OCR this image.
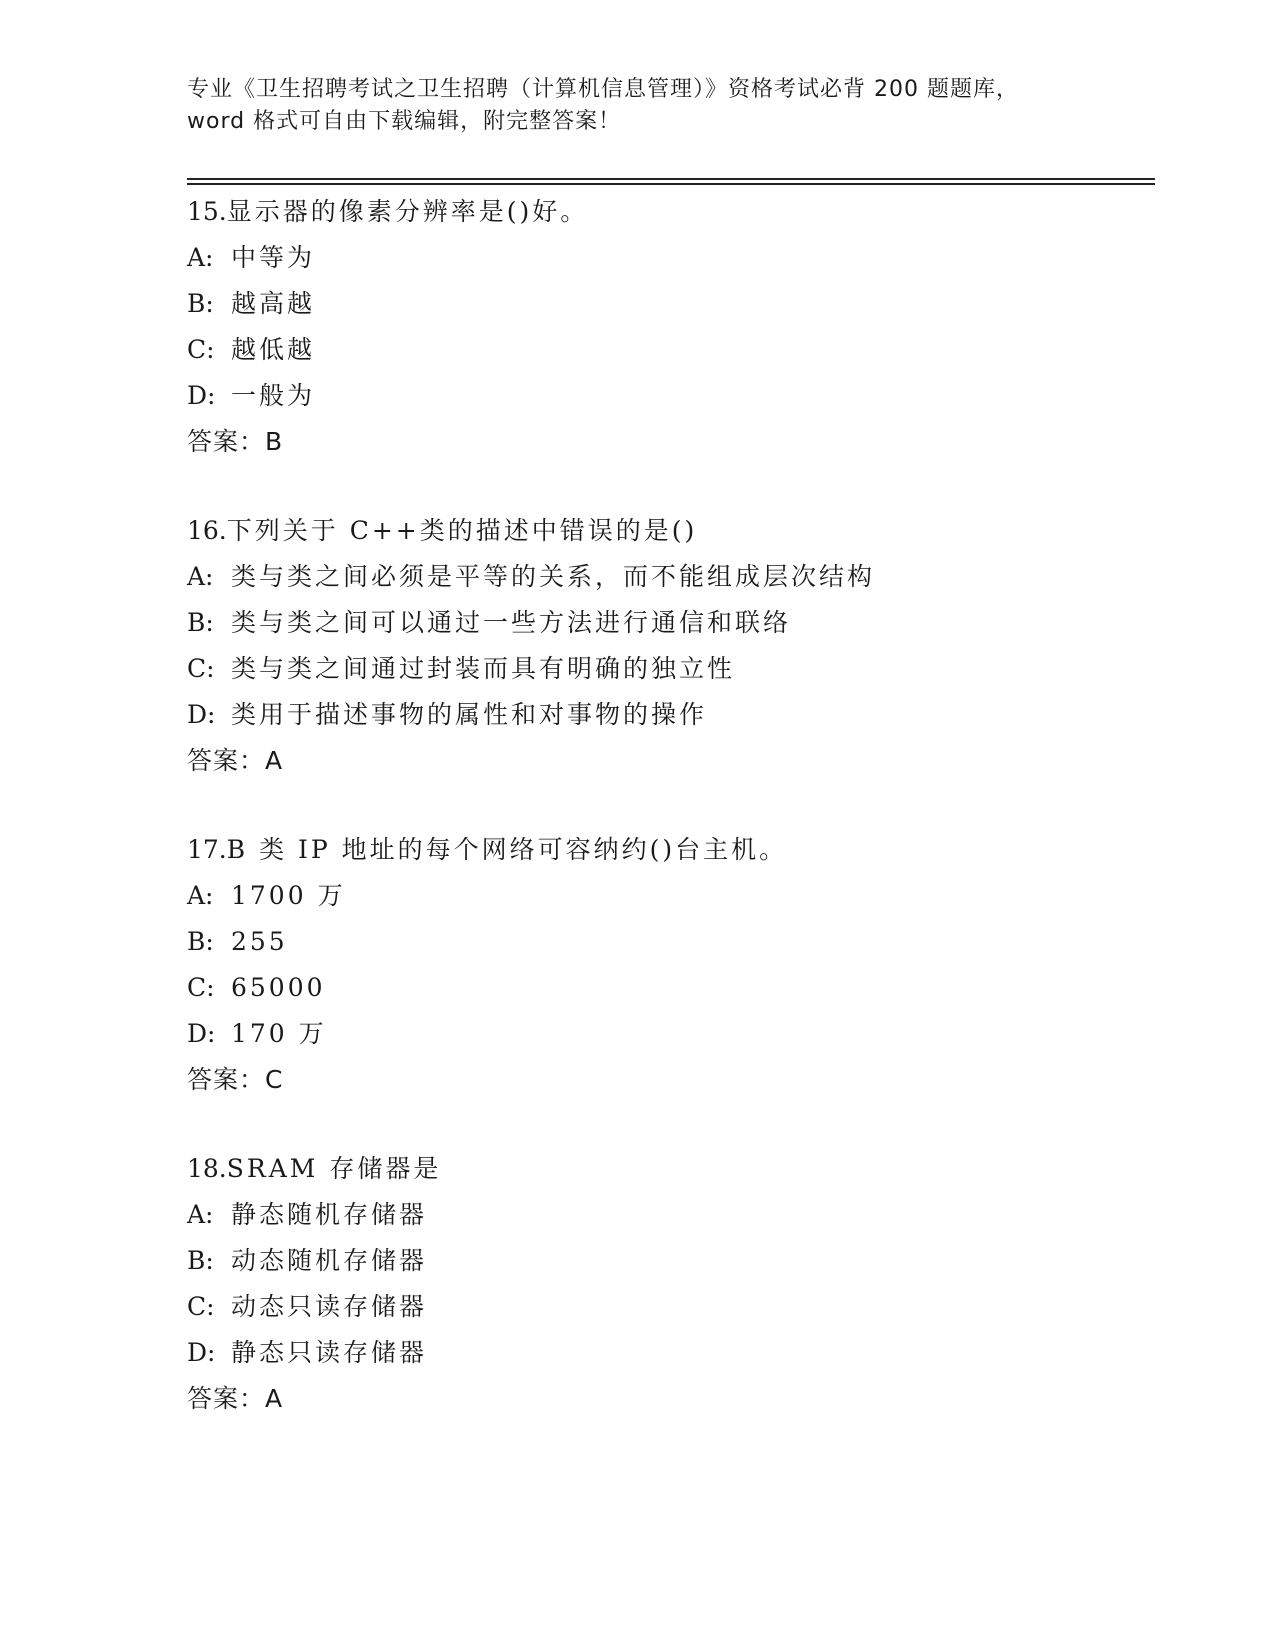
专业《卫生招聘考试之卫生招聘（计算机信息管理）》资格考试必背 200 题题库，
word 格式可自由下载编辑，附完整答案！
15.显示器的像素分辨率是()好。
A: 中等为
B: 越高越
C: 越低越
D: 一般为
答案：B
16.下列关于 C++类的描述中错误的是()
A: 类与类之间必须是平等的关系，而不能组成层次结构
B: 类与类之间可以通过一些方法进行通信和联络
C: 类与类之间通过封装而具有明确的独立性
D: 类用于描述事物的属性和对事物的操作
答案：A
17.B 类 IP 地址的每个网络可容纳约()台主机。
A: 1700 万
B: 255
C: 65000
D: 170 万
答案：C
18.SRAM 存储器是
A: 静态随机存储器
B: 动态随机存储器
C: 动态只读存储器
D: 静态只读存储器
答案：A
